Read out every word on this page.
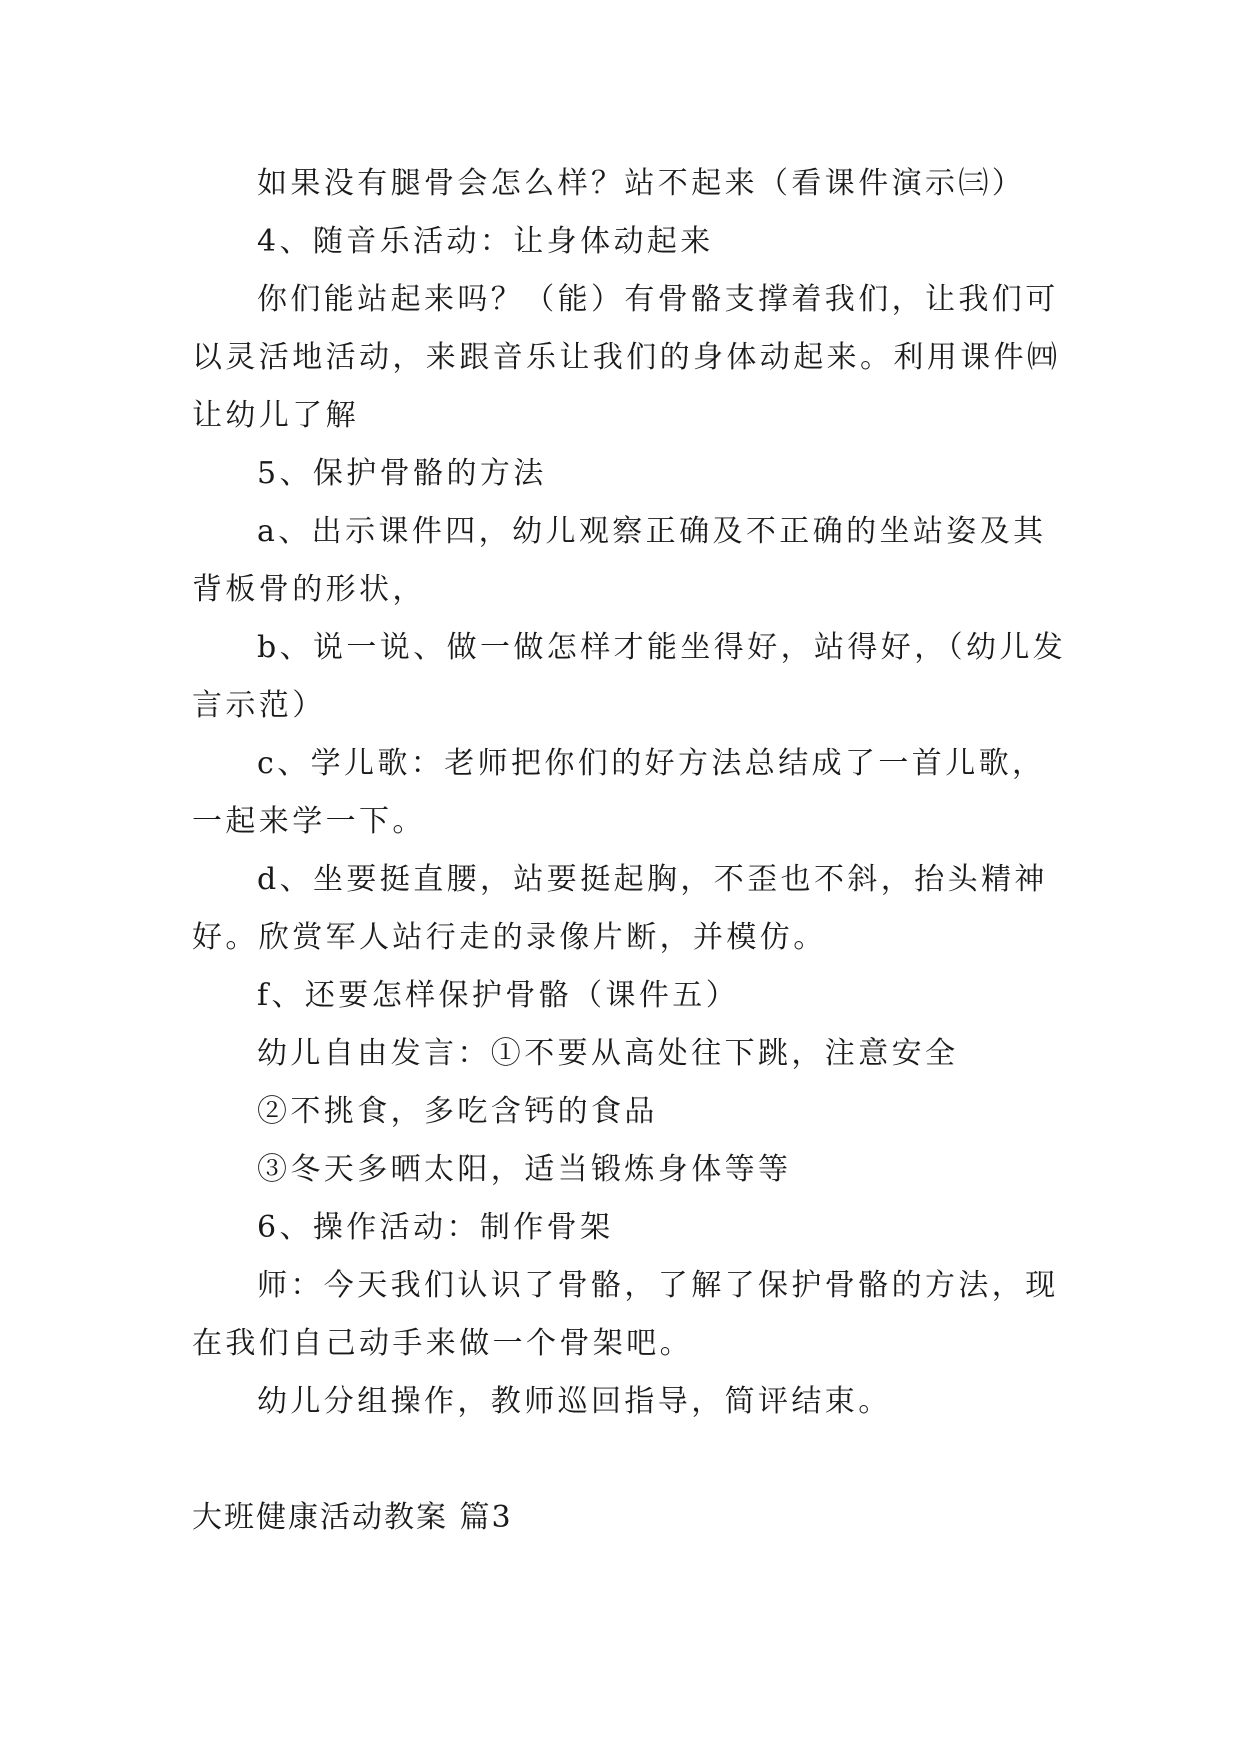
如果没有腿骨会怎么样？站不起来（看课件演示㈢）
4、随音乐活动：让身体动起来
你们能站起来吗？（能）有骨骼支撑着我们，让我们可
以灵活地活动，来跟音乐让我们的身体动起来。利用课件㈣
让幼儿了解
5、保护骨骼的方法
a、出示课件四，幼儿观察正确及不正确的坐站姿及其
背板骨的形状，
b、说一说、做一做怎样才能坐得好，站得好，（幼儿发
言示范）
c、学儿歌：老师把你们的好方法总结成了一首儿歌，
一起来学一下。
d、坐要挺直腰，站要挺起胸，不歪也不斜，抬头精神
好。欣赏军人站行走的录像片断，并模仿。
f、还要怎样保护骨骼（课件五）
幼儿自由发言：①不要从高处往下跳，注意安全
②不挑食，多吃含钙的食品
③冬天多晒太阳，适当锻炼身体等等
6、操作活动：制作骨架
师：今天我们认识了骨骼，了解了保护骨骼的方法，现
在我们自己动手来做一个骨架吧。
幼儿分组操作，教师巡回指导，简评结束。
大班健康活动教案 篇3
